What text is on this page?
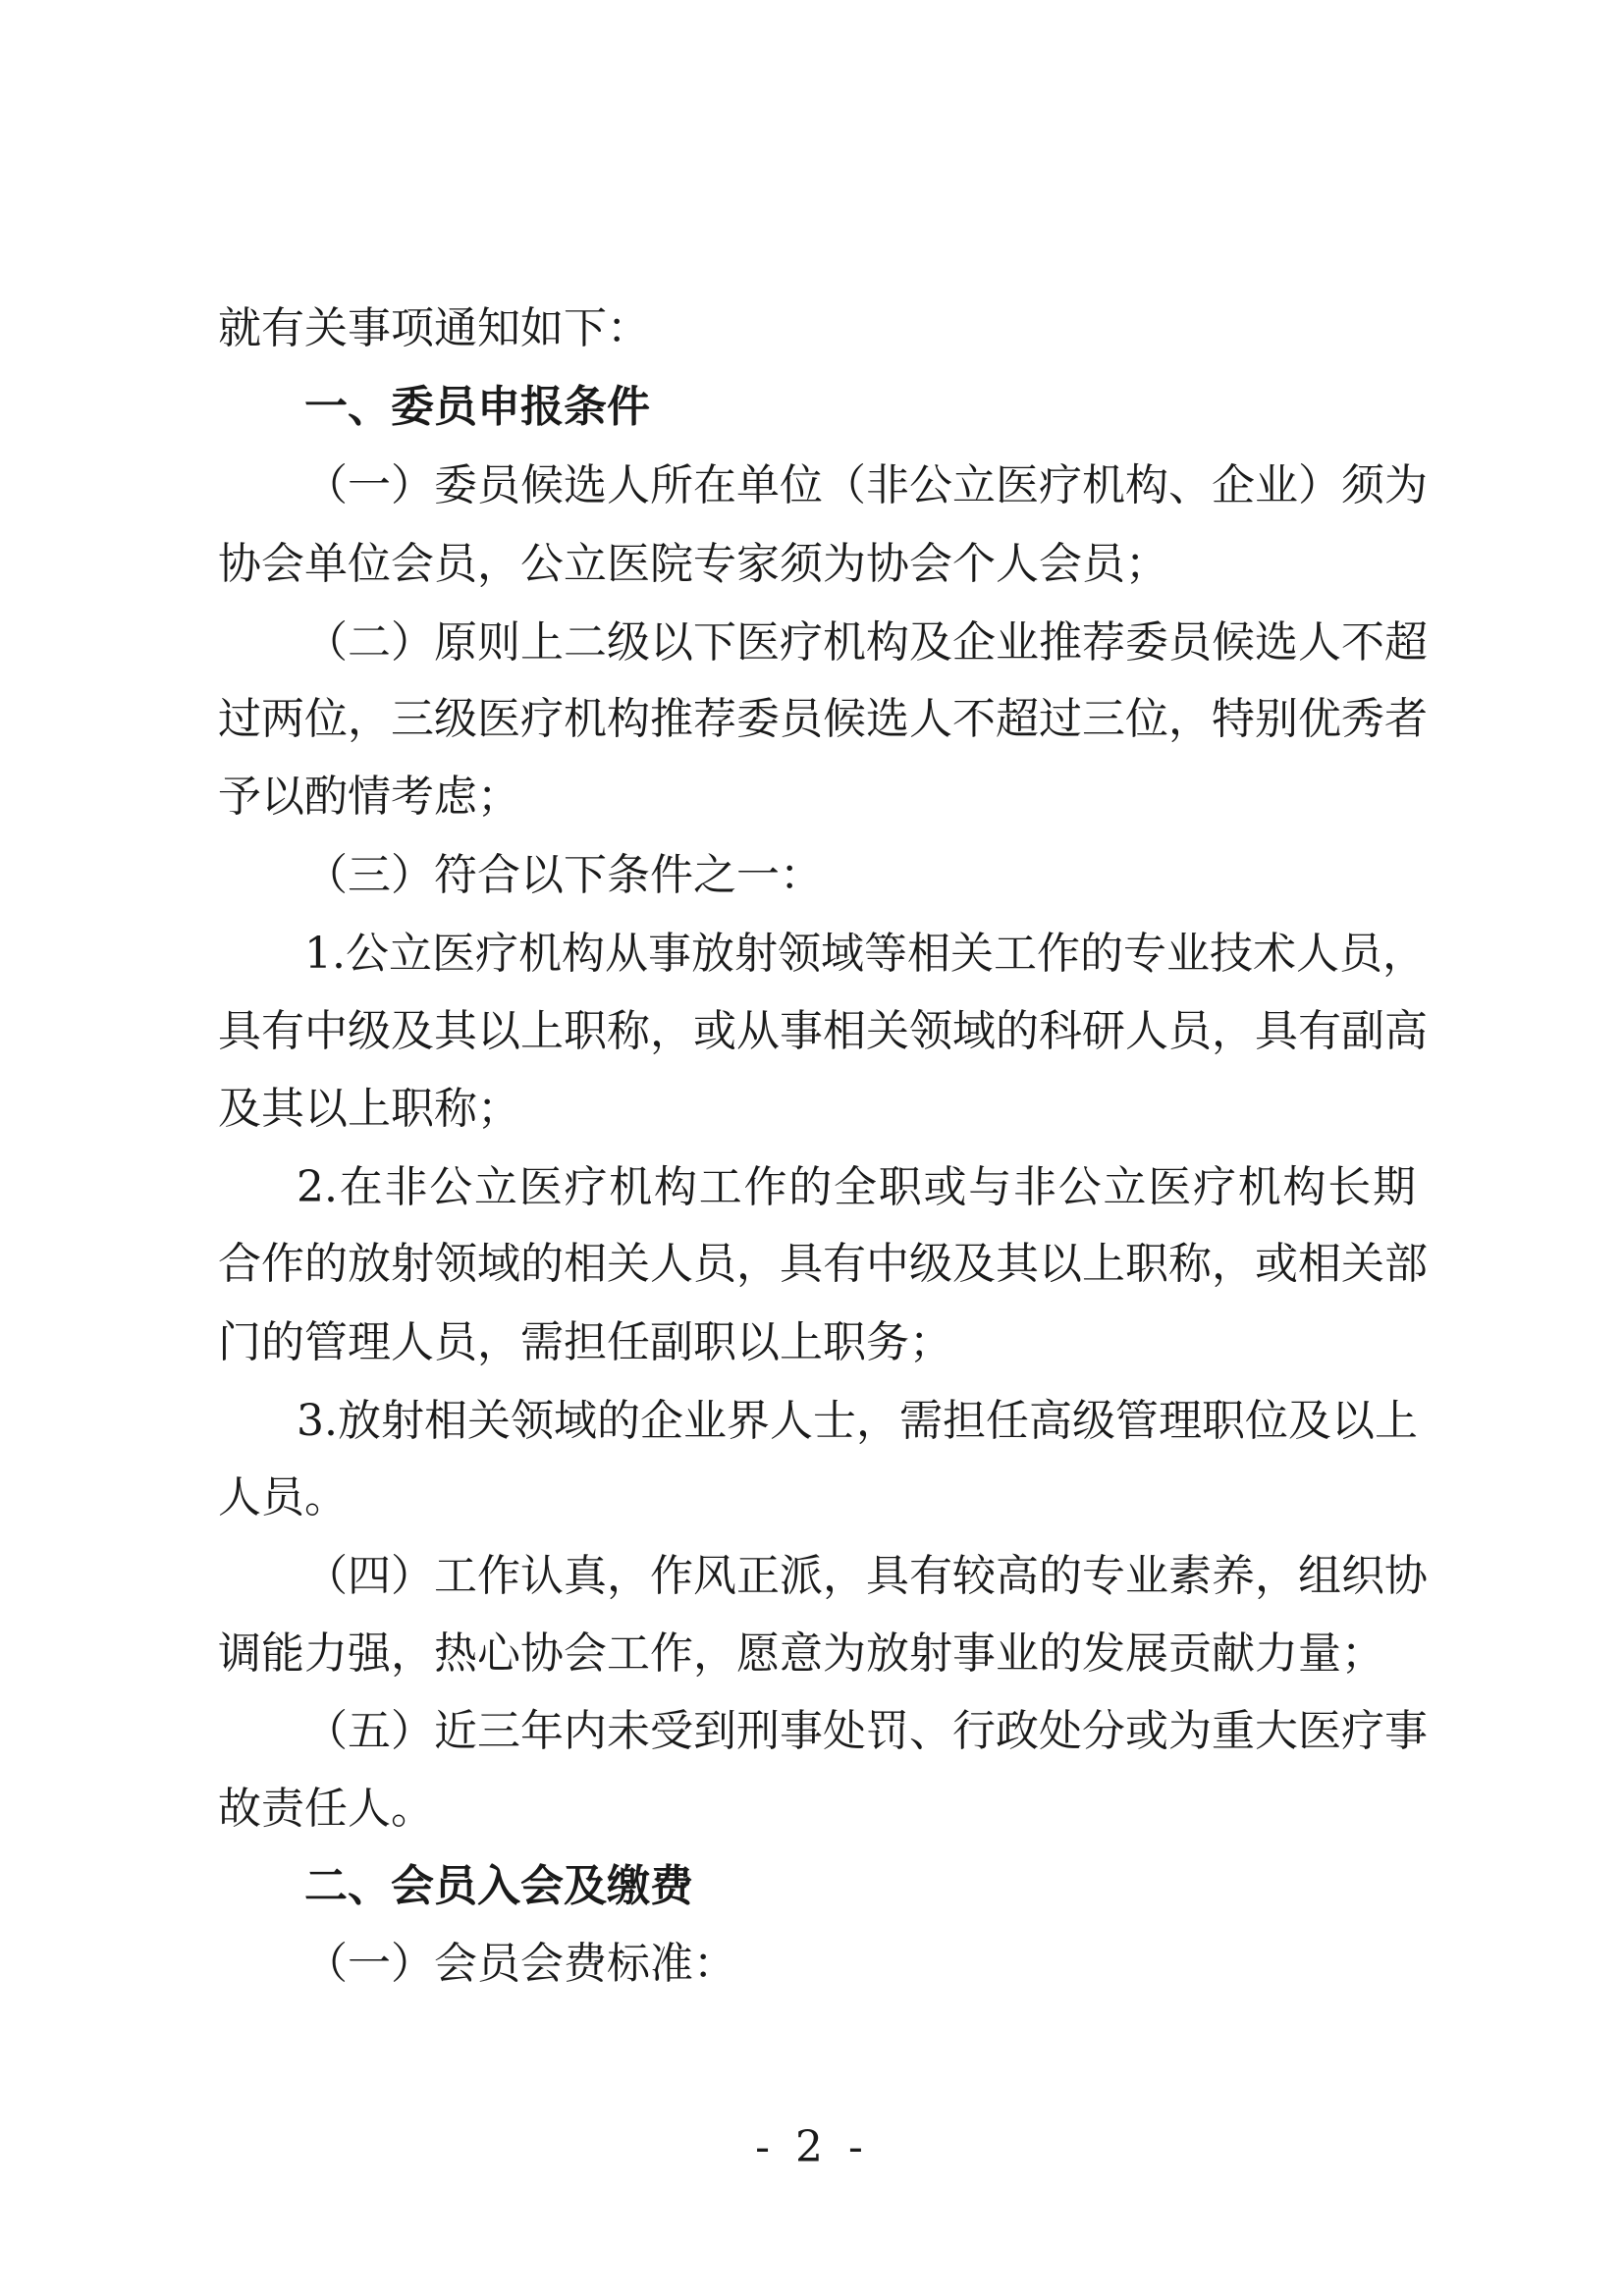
就有关事项通知如下：
一、委员申报条件
（一）委员候选人所在单位（非公立医疗机构、企业）须为
协会单位会员，公立医院专家须为协会个人会员；
（二）原则上二级以下医疗机构及企业推荐委员候选人不超
过两位，三级医疗机构推荐委员候选人不超过三位，特别优秀者
予以酌情考虑；
（三）符合以下条件之一：
1.公立医疗机构从事放射领域等相关工作的专业技术人员，
具有中级及其以上职称，或从事相关领域的科研人员，具有副高
及其以上职称；
2.在非公立医疗机构工作的全职或与非公立医疗机构长期
合作的放射领域的相关人员，具有中级及其以上职称，或相关部
门的管理人员，需担任副职以上职务；
3.放射相关领域的企业界人士，需担任高级管理职位及以上
人员。
（四）工作认真，作风正派，具有较高的专业素养，组织协
调能力强，热心协会工作，愿意为放射事业的发展贡献力量；
（五）近三年内未受到刑事处罚、行政处分或为重大医疗事
故责任人。
二、会员入会及缴费
（一）会员会费标准：
- 2 -
